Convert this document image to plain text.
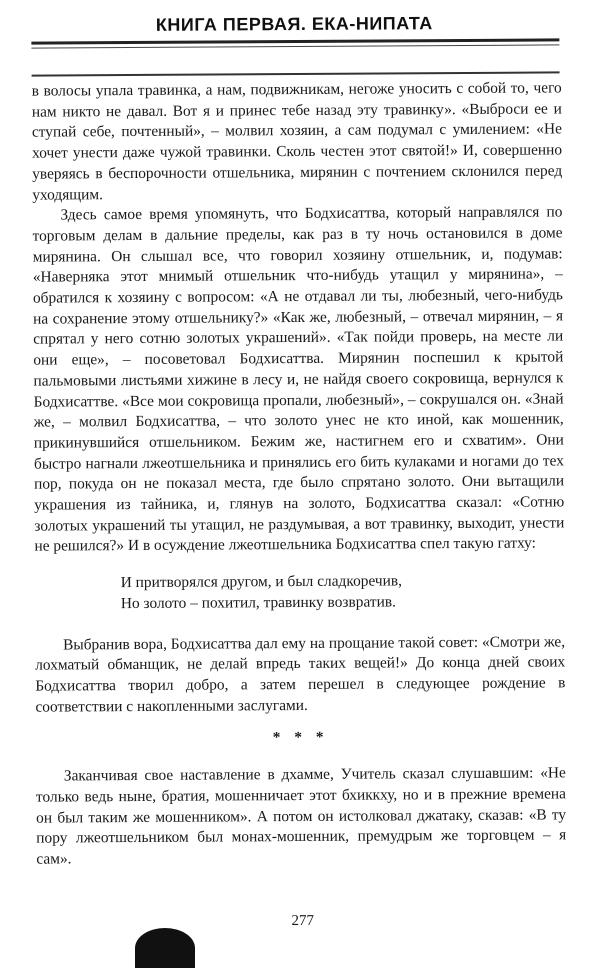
КНИГА ПЕРВАЯ. ЕКА-НИПАТА

в волосы упала травинка, а нам, подвижникам, негоже уносить с собой то, чего нам никто не давал. Вот я и принес тебе назад эту травинку». «Выброси ее и ступай себе, почтенный», – молвил хозяин, а сам подумал с умилением: «Не хочет унести даже чужой травинки. Сколь честен этот святой!» И, совершенно уверяясь в беспорочности отшельника, мирянин с почтением склонился перед уходящим.

Здесь самое время упомянуть, что Бодхисаттва, который направлялся по торговым делам в дальние пределы, как раз в ту ночь остановился в доме мирянина. Он слышал все, что говорил хозяину отшельник, и, подумав: «Наверняка этот мнимый отшельник что-нибудь утащил у мирянина», – обратился к хозяину с вопросом: «А не отдавал ли ты, любезный, чего-нибудь на сохранение этому отшельнику?» «Как же, любезный, – отвечал мирянин, – я спрятал у него сотню золотых украшений». «Так пойди проверь, на месте ли они еще», – посоветовал Бодхисаттва. Мирянин поспешил к крытой пальмовыми листьями хижине в лесу и, не найдя своего сокровища, вернулся к Бодхисаттве. «Все мои сокровища пропали, любезный», – сокрушался он. «Знай же, – молвил Бодхисаттва, – что золото унес не кто иной, как мошенник, прикинувшийся отшельником. Бежим же, настигнем его и схватим». Они быстро нагнали лжеотшельника и принялись его бить кулаками и ногами до тех пор, покуда он не показал места, где было спрятано золото. Они вытащили украшения из тайника, и, глянув на золото, Бодхисаттва сказал: «Сотню золотых украшений ты утащил, не раздумывая, а вот травинку, выходит, унести не решился?» И в осуждение лжеотшельника Бодхисаттва спел такую гатху:

И притворялся другом, и был сладкоречив,
Но золото – похитил, травинку возвратив.

Выбранив вора, Бодхисаттва дал ему на прощание такой совет: «Смотри же, лохматый обманщик, не делай впредь таких вещей!» До конца дней своих Бодхисаттва творил добро, а затем перешел в следующее рождение в соответствии с накопленными заслугами.

* * *

Заканчивая свое наставление в дхамме, Учитель сказал слушавшим: «Не только ведь ныне, братия, мошенничает этот бхиккху, но и в прежние времена он был таким же мошенником». А потом он истолковал джатаку, сказав: «В ту пору лжеотшельником был монах-мошенник, премудрым же торговцем – я сам».

277
